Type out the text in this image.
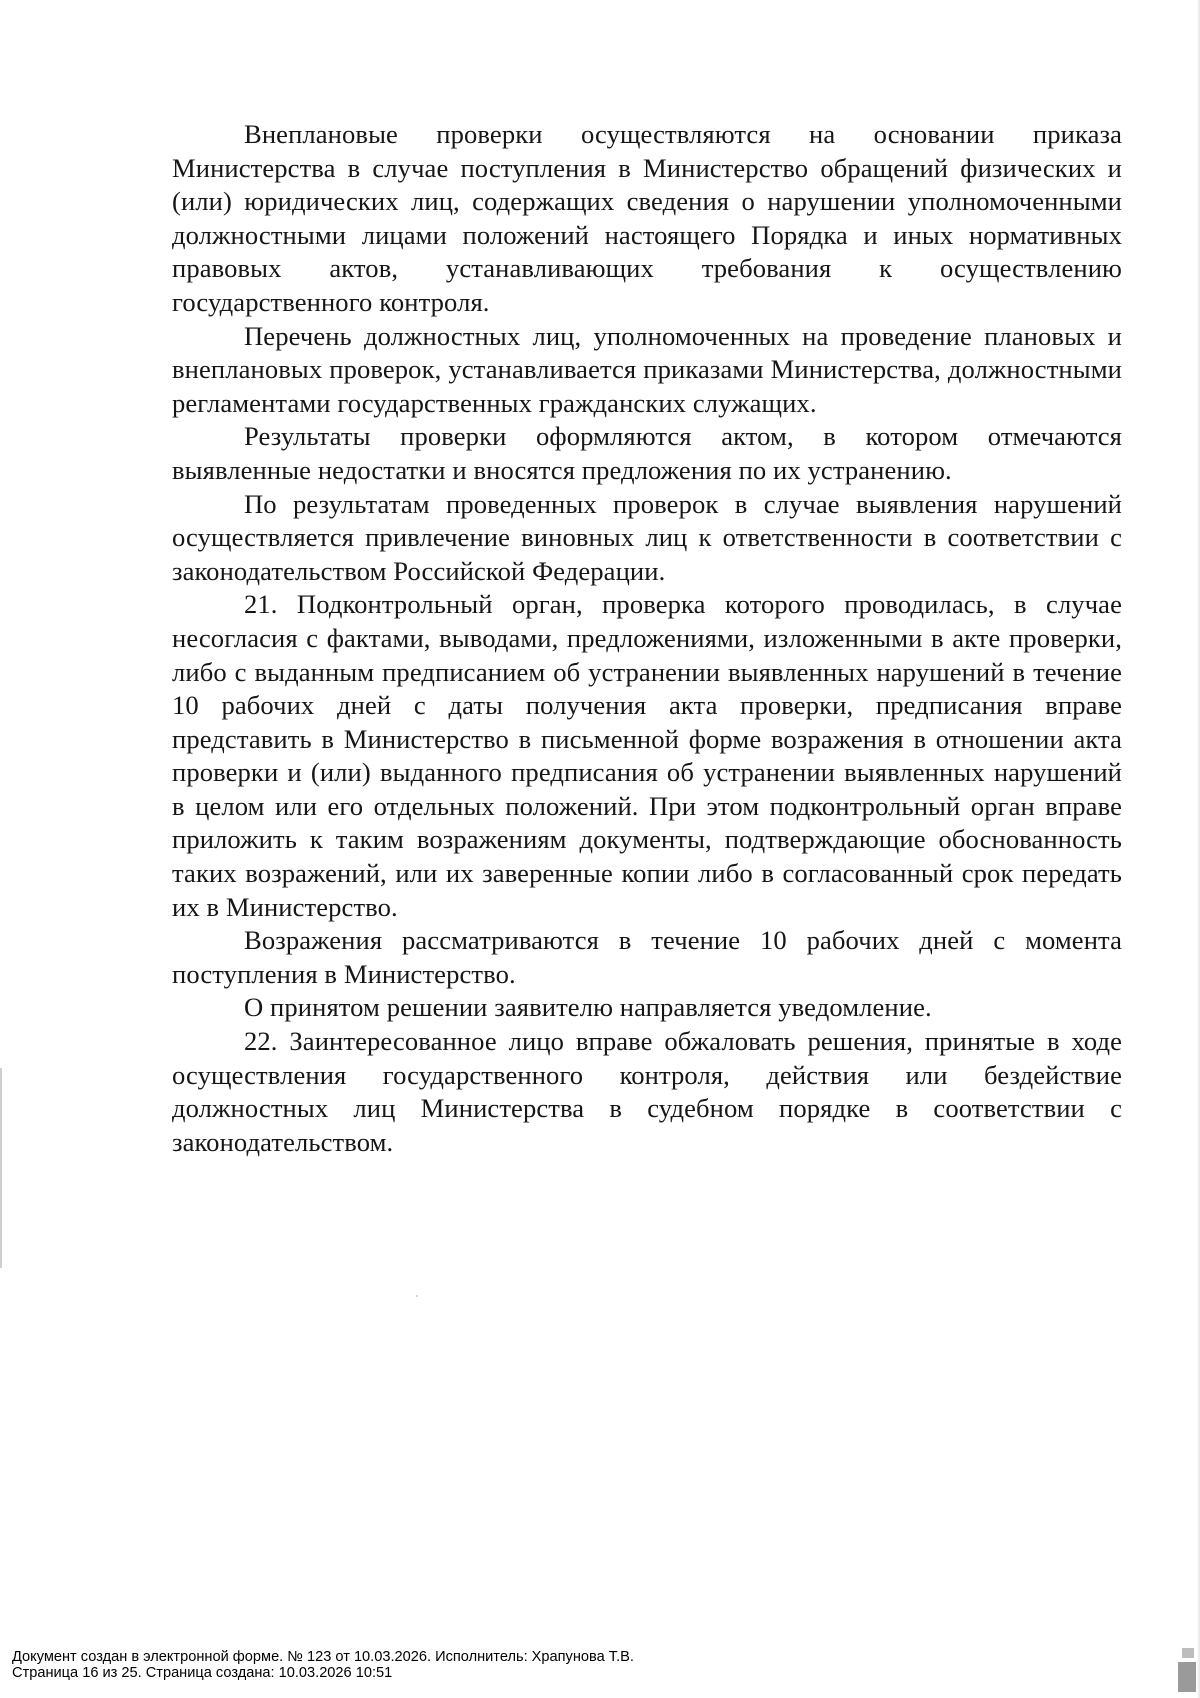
Внеплановые проверки осуществляются на основании приказа Министерства в случае поступления в Министерство обращений физических и (или) юридических лиц, содержащих сведения о нарушении уполномоченными должностными лицами положений настоящего Порядка и иных нормативных правовых актов, устанавливающих требования к осуществлению государственного контроля.

Перечень должностных лиц, уполномоченных на проведение плановых и внеплановых проверок, устанавливается приказами Министерства, должностными регламентами государственных гражданских служащих.

Результаты проверки оформляются актом, в котором отмечаются выявленные недостатки и вносятся предложения по их устранению.

По результатам проведенных проверок в случае выявления нарушений осуществляется привлечение виновных лиц к ответственности в соответствии с законодательством Российской Федерации.

21. Подконтрольный орган, проверка которого проводилась, в случае несогласия с фактами, выводами, предложениями, изложенными в акте проверки, либо с выданным предписанием об устранении выявленных нарушений в течение 10 рабочих дней с даты получения акта проверки, предписания вправе представить в Министерство в письменной форме возражения в отношении акта проверки и (или) выданного предписания об устранении выявленных нарушений в целом или его отдельных положений. При этом подконтрольный орган вправе приложить к таким возражениям документы, подтверждающие обоснованность таких возражений, или их заверенные копии либо в согласованный срок передать их в Министерство.

Возражения рассматриваются в течение 10 рабочих дней с момента поступления в Министерство.

О принятом решении заявителю направляется уведомление.

22. Заинтересованное лицо вправе обжаловать решения, принятые в ходе осуществления государственного контроля, действия или бездействие должностных лиц Министерства в судебном порядке в соответствии с законодательством.

Документ создан в электронной форме. № 123 от 10.03.2026. Исполнитель: Храпунова Т.В.

Страница 16 из 25. Страница создана: 10.03.2026 10:51
